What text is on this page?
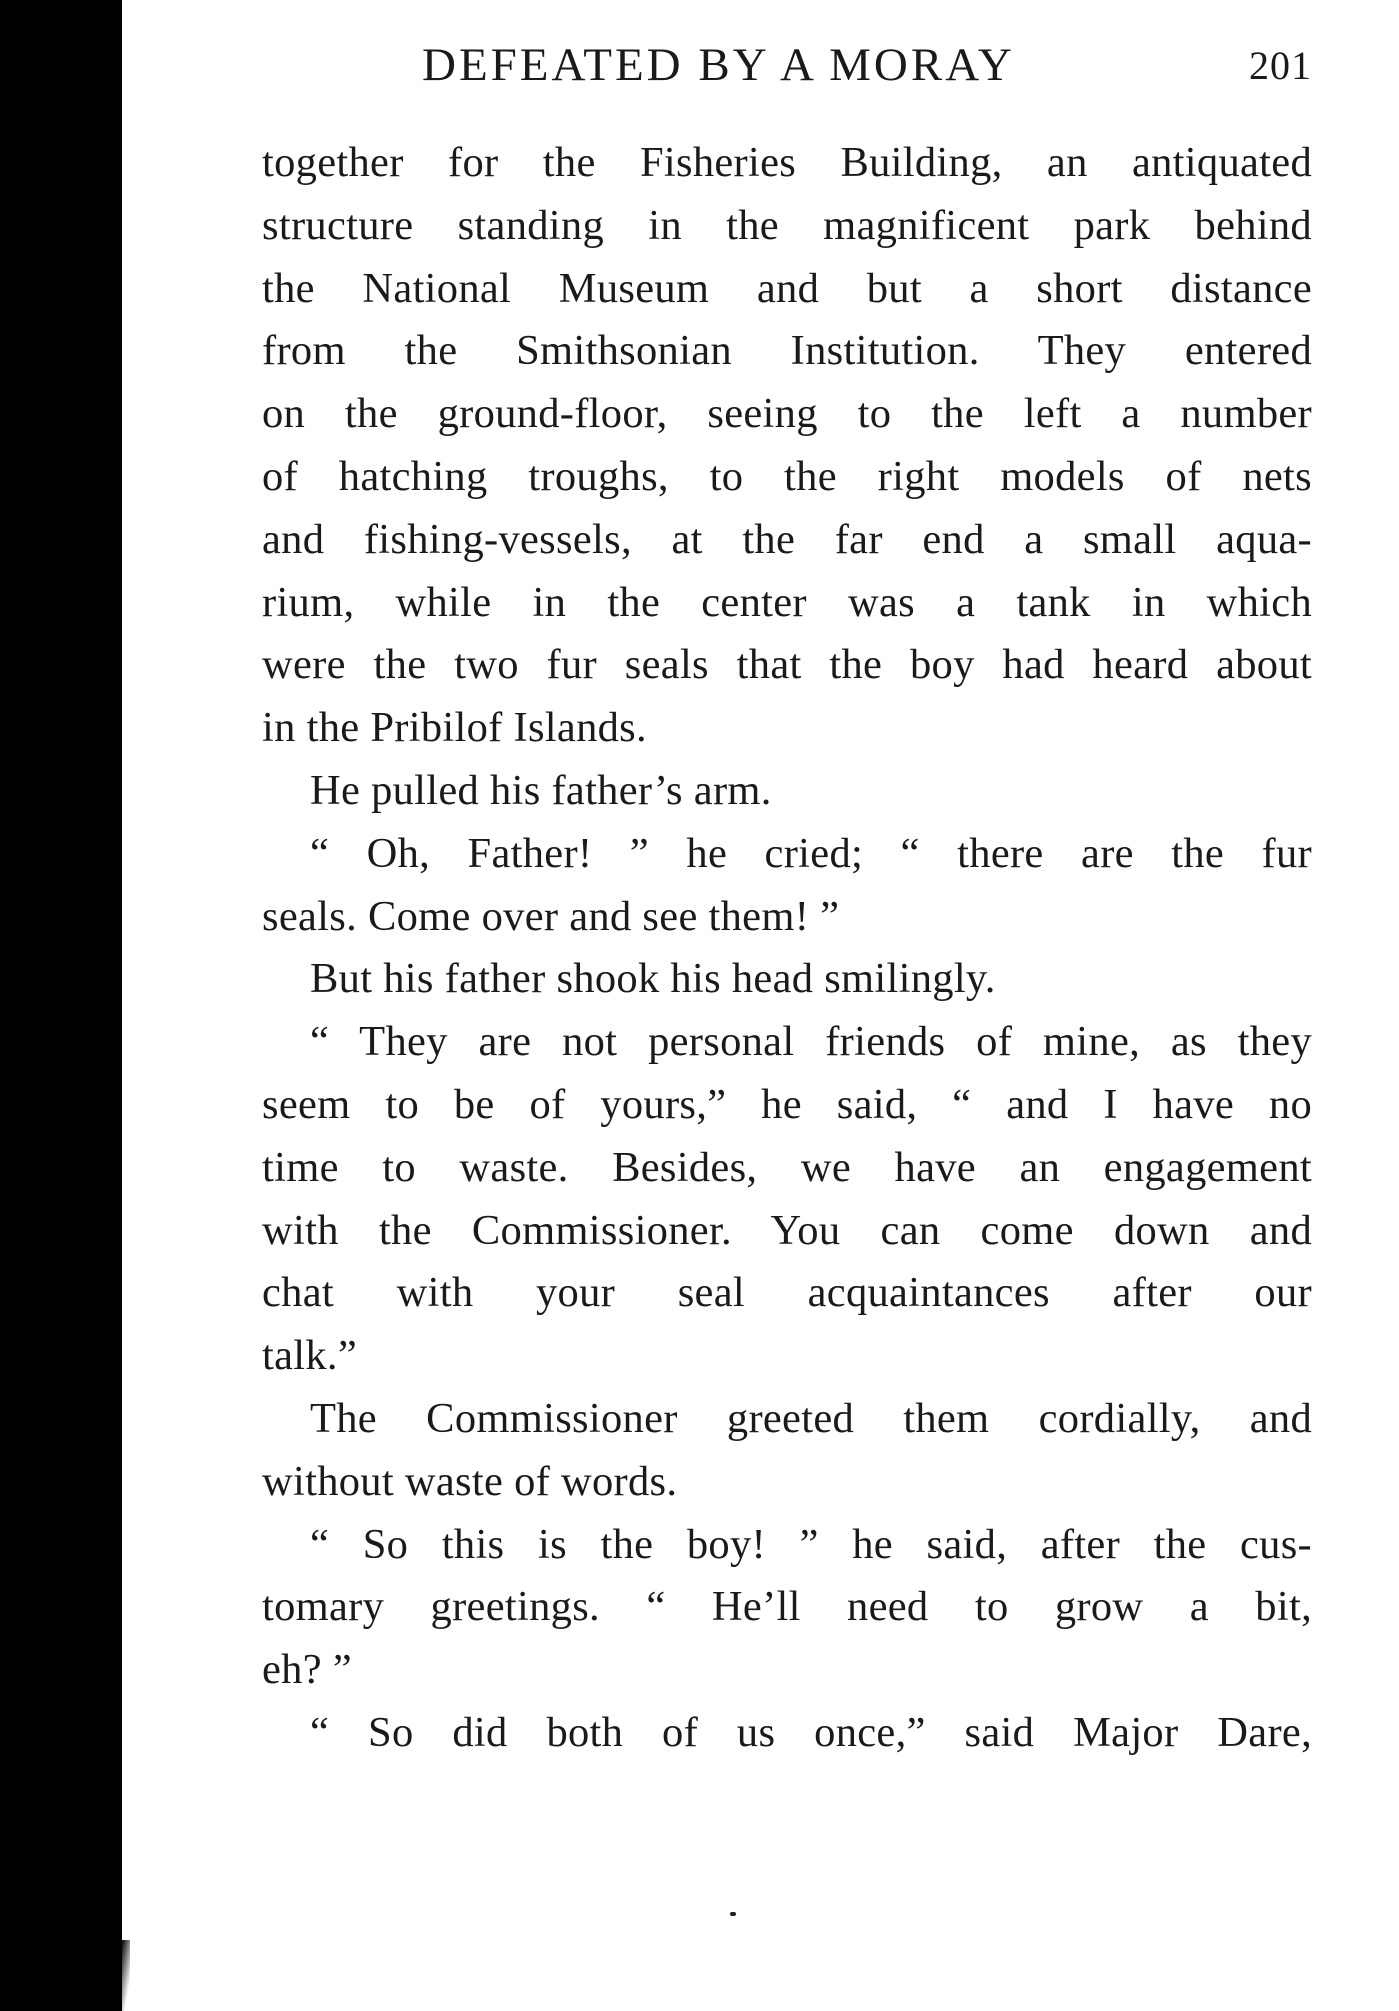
DEFEATED BY A MORAY	201
together for the Fisheries Building, an antiquated
structure standing in the magnificent park behind
the National Museum and but a short distance
from the Smithsonian Institution. They entered
on the ground-floor, seeing to the left a number
of hatching troughs, to the right models of nets
and fishing-vessels, at the far end a small aqua-
rium, while in the center was a tank in which
were the two fur seals that the boy had heard about
in the Pribilof Islands.
He pulled his father’s arm.
“ Oh, Father! ” he cried; “ there are the fur
seals. Come over and see them! ”
But his father shook his head smilingly.
“ They are not personal friends of mine, as they
seem to be of yours,” he said, “ and I have no
time to waste. Besides, we have an engagement
with the Commissioner. You can come down and
chat with your seal acquaintances after our
talk.”
The Commissioner greeted them cordially, and
without waste of words.
“ So this is the boy! ” he said, after the cus-
tomary greetings. “ He’ll need to grow a bit,
eh? ”
“ So did both of us once,” said Major Dare,
